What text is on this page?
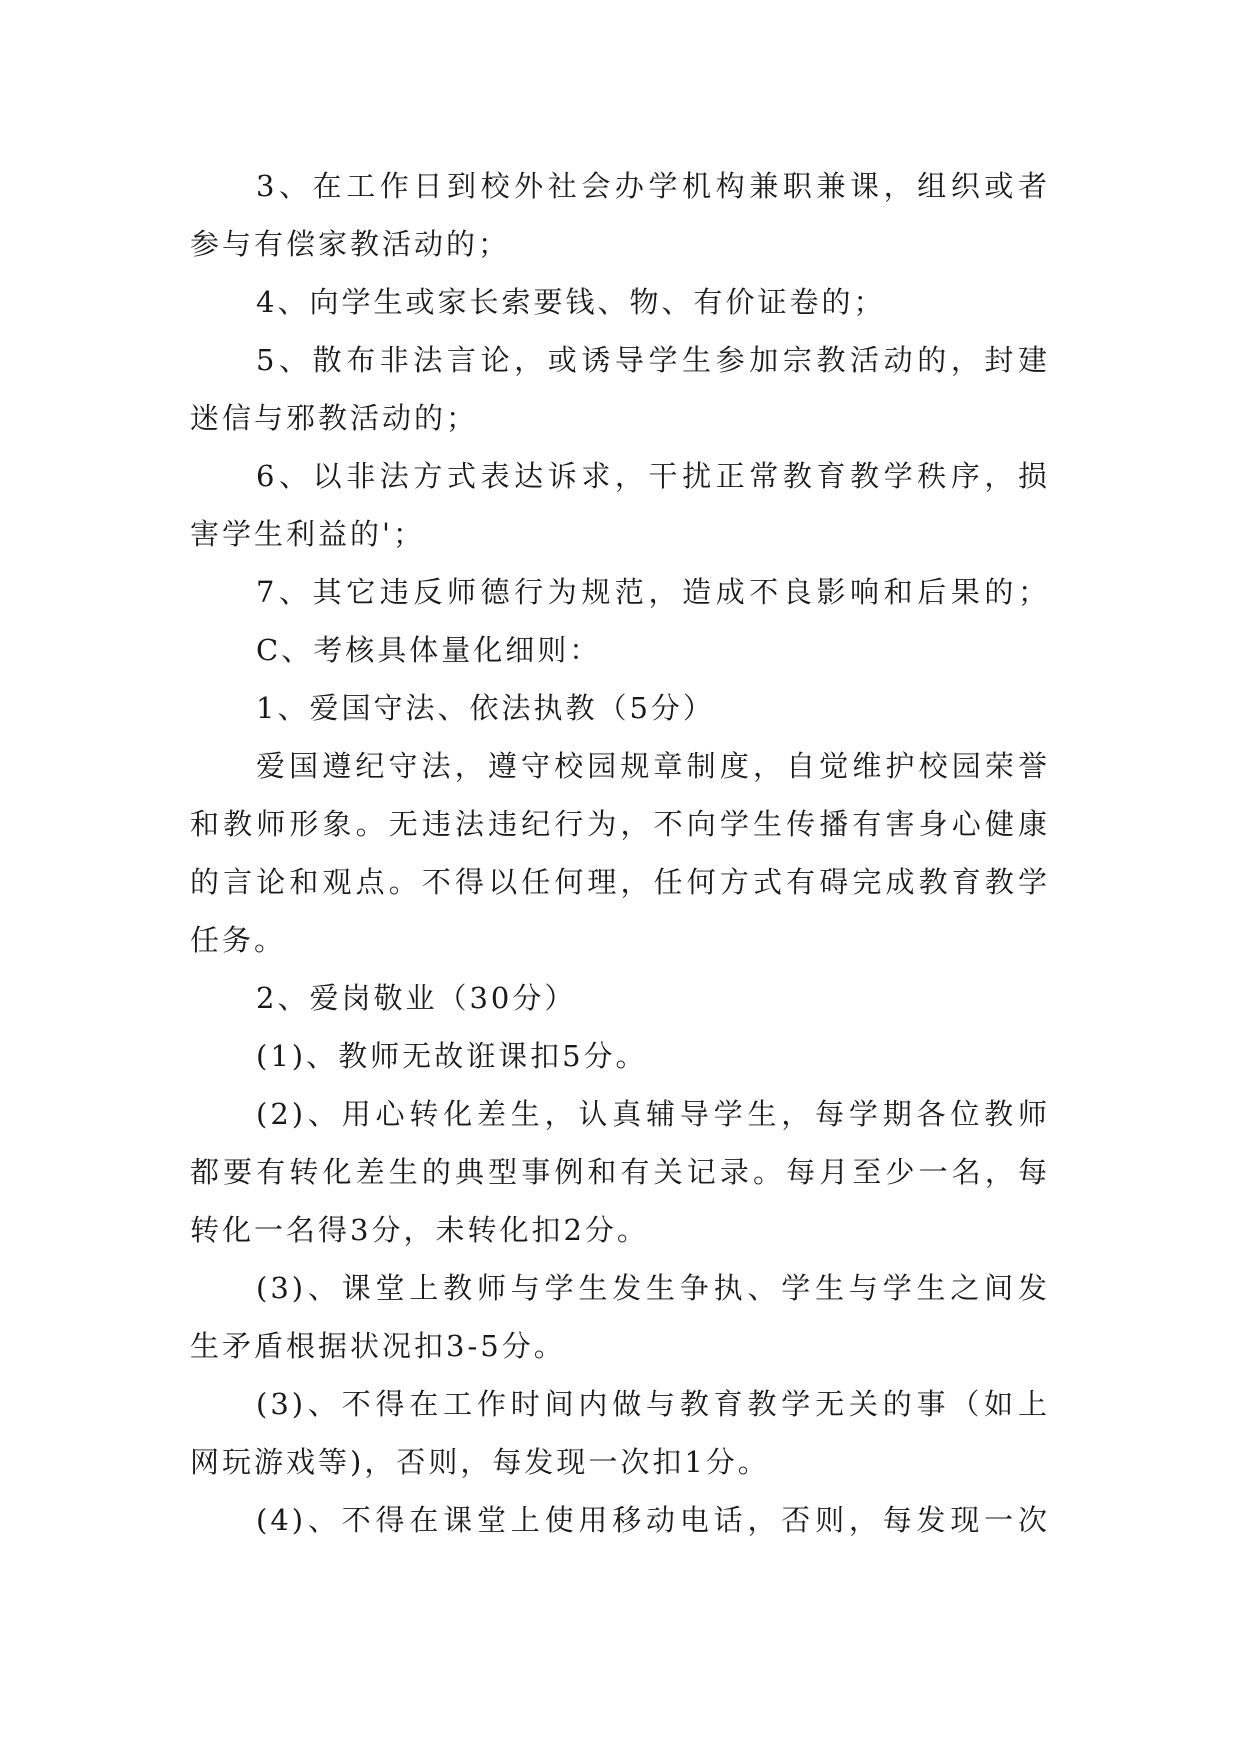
3、在工作日到校外社会办学机构兼职兼课，组织或者
参与有偿家教活动的；
4、向学生或家长索要钱、物、有价证卷的；
5、散布非法言论，或诱导学生参加宗教活动的，封建
迷信与邪教活动的；
6、以非法方式表达诉求，干扰正常教育教学秩序，损
害学生利益的'；
7、其它违反师德行为规范，造成不良影响和后果的；
C、考核具体量化细则：
1、爱国守法、依法执教（5分）
爱国遵纪守法，遵守校园规章制度，自觉维护校园荣誉
和教师形象。无违法违纪行为，不向学生传播有害身心健康
的言论和观点。不得以任何理，任何方式有碍完成教育教学
任务。
2、爱岗敬业（30分）
(1)、教师无故诳课扣5分。
(2)、用心转化差生，认真辅导学生，每学期各位教师
都要有转化差生的典型事例和有关记录。每月至少一名，每
转化一名得3分，未转化扣2分。
(3)、课堂上教师与学生发生争执、学生与学生之间发
生矛盾根据状况扣3-5分。
(3)、不得在工作时间内做与教育教学无关的事（如上
网玩游戏等)，否则，每发现一次扣1分。
(4)、不得在课堂上使用移动电话，否则，每发现一次
